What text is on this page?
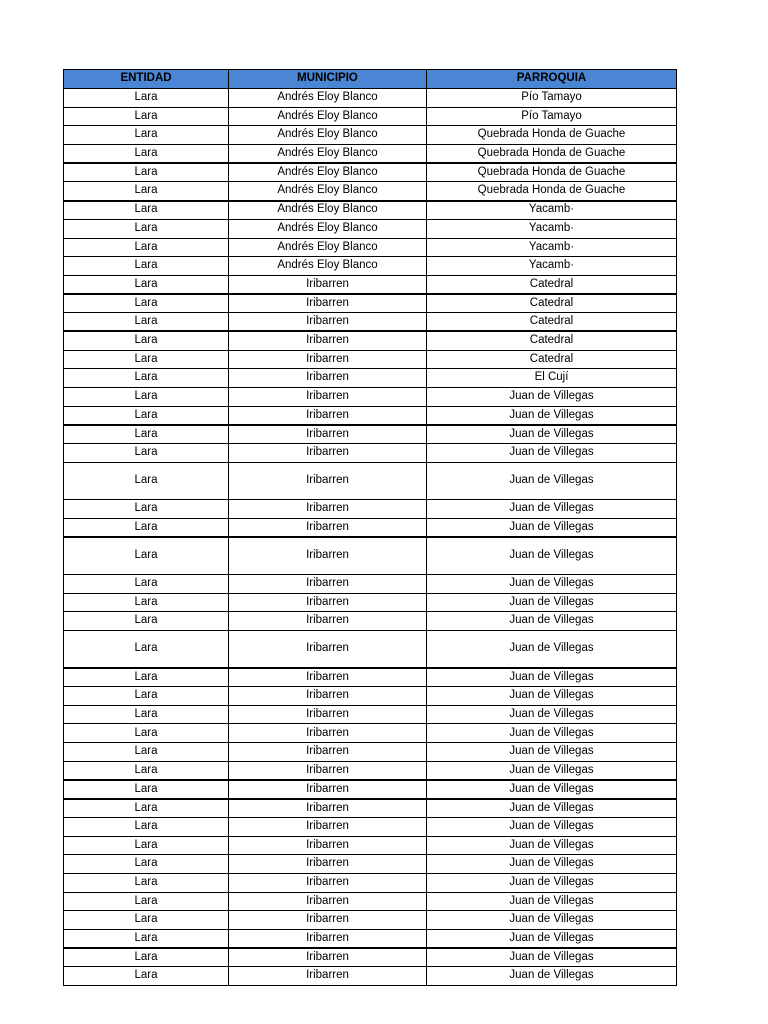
ENTIDAD	MUNICIPIO	PARROQUIA
Lara	Andrés Eloy Blanco	Pío Tamayo
Lara	Andrés Eloy Blanco	Pío Tamayo
Lara	Andrés Eloy Blanco	Quebrada Honda de Guache
Lara	Andrés Eloy Blanco	Quebrada Honda de Guache
Lara	Andrés Eloy Blanco	Quebrada Honda de Guache
Lara	Andrés Eloy Blanco	Quebrada Honda de Guache
Lara	Andrés Eloy Blanco	Yacamb·
Lara	Andrés Eloy Blanco	Yacamb·
Lara	Andrés Eloy Blanco	Yacamb·
Lara	Andrés Eloy Blanco	Yacamb·
Lara	Iribarren	Catedral
Lara	Iribarren	Catedral
Lara	Iribarren	Catedral
Lara	Iribarren	Catedral
Lara	Iribarren	Catedral
Lara	Iribarren	El Cují
Lara	Iribarren	Juan de Villegas
Lara	Iribarren	Juan de Villegas
Lara	Iribarren	Juan de Villegas
Lara	Iribarren	Juan de Villegas
Lara	Iribarren	Juan de Villegas
Lara	Iribarren	Juan de Villegas
Lara	Iribarren	Juan de Villegas
Lara	Iribarren	Juan de Villegas
Lara	Iribarren	Juan de Villegas
Lara	Iribarren	Juan de Villegas
Lara	Iribarren	Juan de Villegas
Lara	Iribarren	Juan de Villegas
Lara	Iribarren	Juan de Villegas
Lara	Iribarren	Juan de Villegas
Lara	Iribarren	Juan de Villegas
Lara	Iribarren	Juan de Villegas
Lara	Iribarren	Juan de Villegas
Lara	Iribarren	Juan de Villegas
Lara	Iribarren	Juan de Villegas
Lara	Iribarren	Juan de Villegas
Lara	Iribarren	Juan de Villegas
Lara	Iribarren	Juan de Villegas
Lara	Iribarren	Juan de Villegas
Lara	Iribarren	Juan de Villegas
Lara	Iribarren	Juan de Villegas
Lara	Iribarren	Juan de Villegas
Lara	Iribarren	Juan de Villegas
Lara	Iribarren	Juan de Villegas
Lara	Iribarren	Juan de Villegas
